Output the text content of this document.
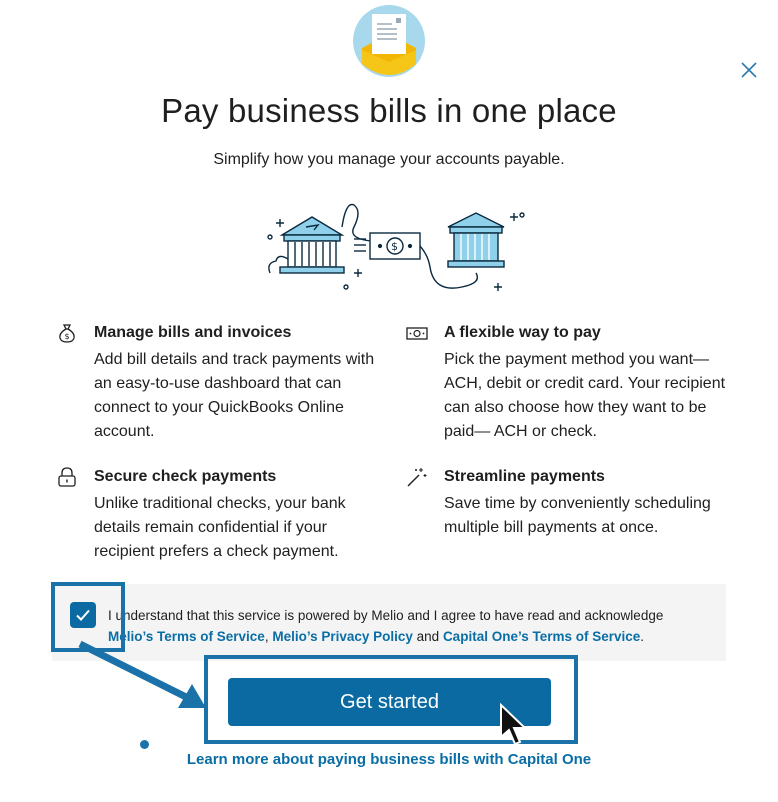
Pay business bills in one place

Simplify how you manage your accounts payable.

$
$ Manage bills and invoices

Add bill details and track payments with an easy-to-use dashboard that can connect to your QuickBooks Online account.

A flexible way to pay

Pick the payment method you want— ACH, debit or credit card. Your recipient can also choose how they want to be paid— ACH or check.

Secure check payments

Unlike traditional checks, your bank details remain confidential if your recipient prefers a check payment.

Streamline payments

Save time by conveniently scheduling multiple bill payments at once.

I understand that this service is powered by Melio and I agree to have read and acknowledge
Melio’s Terms of Service, Melio’s Privacy Policy and Capital One’s Terms of Service.
Get started
Learn more about paying business bills with Capital One
